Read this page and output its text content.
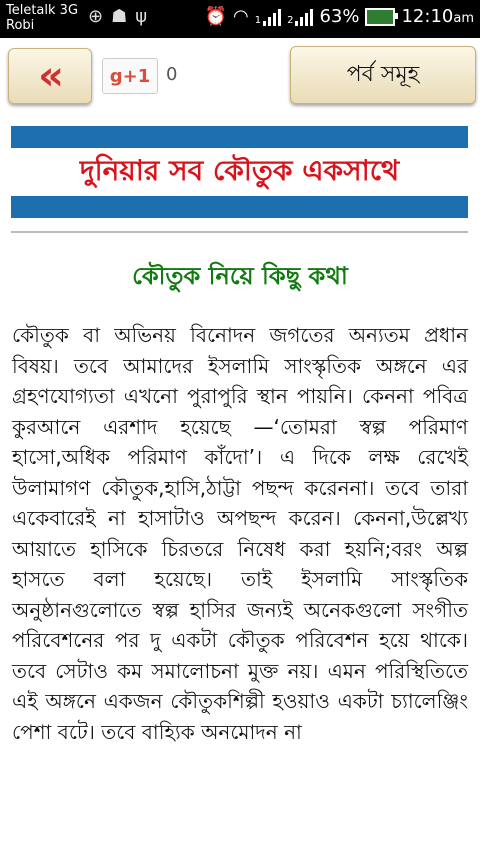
Teletalk 3G
Robi	⊕ ☗ ψ	⏰ ◠ 1	2 63% 12:10am
«	g+1 0	পর্ব সমূহ
দুনিয়ার সব কৌতুক একসাথে
কৌতুক নিয়ে কিছু কথা
কৌতুক বা অভিনয় বিনোদন জগতের অন্যতম প্রধান বিষয়। তবে আমাদের ইসলামি সাংস্কৃতিক অঙ্গনে এর গ্রহণযোগ্যতা এখনো পুরাপুরি স্থান পায়নি। কেননা পবিত্র কুরআনে এরশাদ হয়েছে —‘তোমরা স্বল্প পরিমাণ হাসো,অধিক পরিমাণ কাঁদো’। এ দিকে লক্ষ রেখেই উলামাগণ কৌতুক,হাসি,ঠাট্টা পছন্দ করেননা। তবে তারা একেবারেই না হাসাটাও অপছন্দ করেন। কেননা,উল্লেখ্য আয়াতে হাসিকে চিরতরে নিষেধ করা হয়নি;বরং অল্প হাসতে বলা হয়েছে। তাই ইসলামি সাংস্কৃতিক অনুষ্ঠানগুলোতে স্বল্প হাসির জন্যই অনেকগুলো সংগীত পরিবেশনের পর দু একটা কৌতুক পরিবেশন হয়ে থাকে। তবে সেটাও কম সমালোচনা মুক্ত নয়। এমন পরিস্থিতিতে এই অঙ্গনে একজন কৌতুকশিল্পী হওয়াও একটা চ্যালেঞ্জিং পেশা বটে। তবে বাহ্যিক অনমোদন না
